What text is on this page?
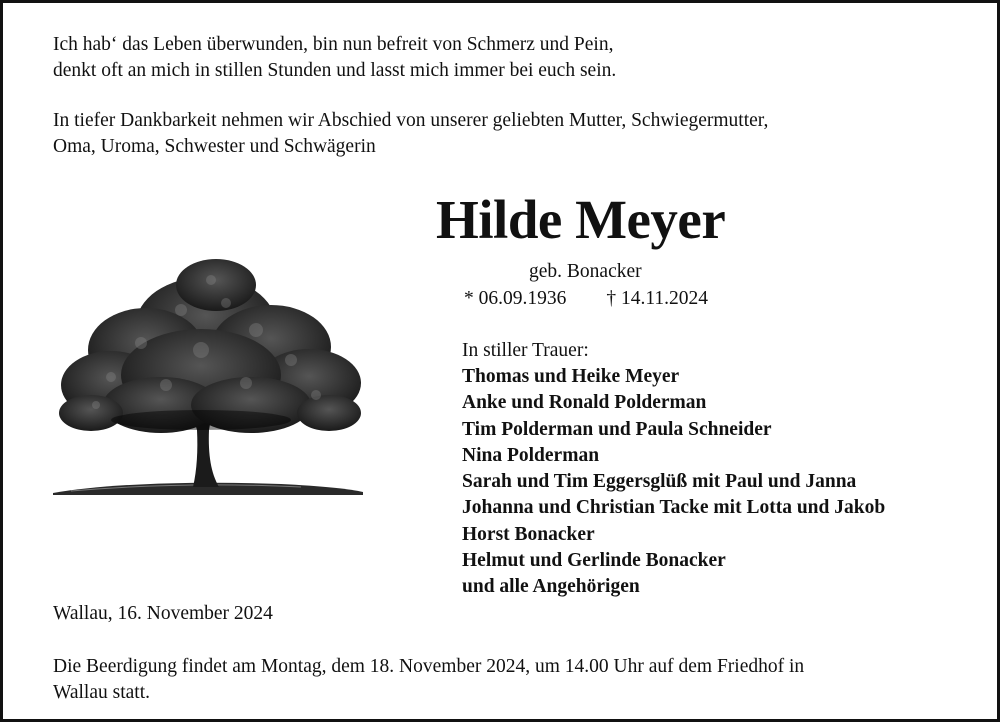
Ich hab‘ das Leben überwunden, bin nun befreit von Schmerz und Pein,
denkt oft an mich in stillen Stunden und lasst mich immer bei euch sein.

In tiefer Dankbarkeit nehmen wir Abschied von unserer geliebten Mutter, Schwiegermutter,
Oma, Uroma, Schwester und Schwägerin

Hilde Meyer

geb. Bonacker

* 06.09.1936 † 14.11.2024

In stiller Trauer:

Thomas und Heike Meyer
Anke und Ronald Polderman
Tim Polderman und Paula Schneider
Nina Polderman
Sarah und Tim Eggersglüß mit Paul und Janna
Johanna und Christian Tacke mit Lotta und Jakob
Horst Bonacker
Helmut und Gerlinde Bonacker
und alle Angehörigen

Wallau, 16. November 2024

Die Beerdigung findet am Montag, dem 18. November 2024, um 14.00 Uhr auf dem Friedhof in
Wallau statt.
